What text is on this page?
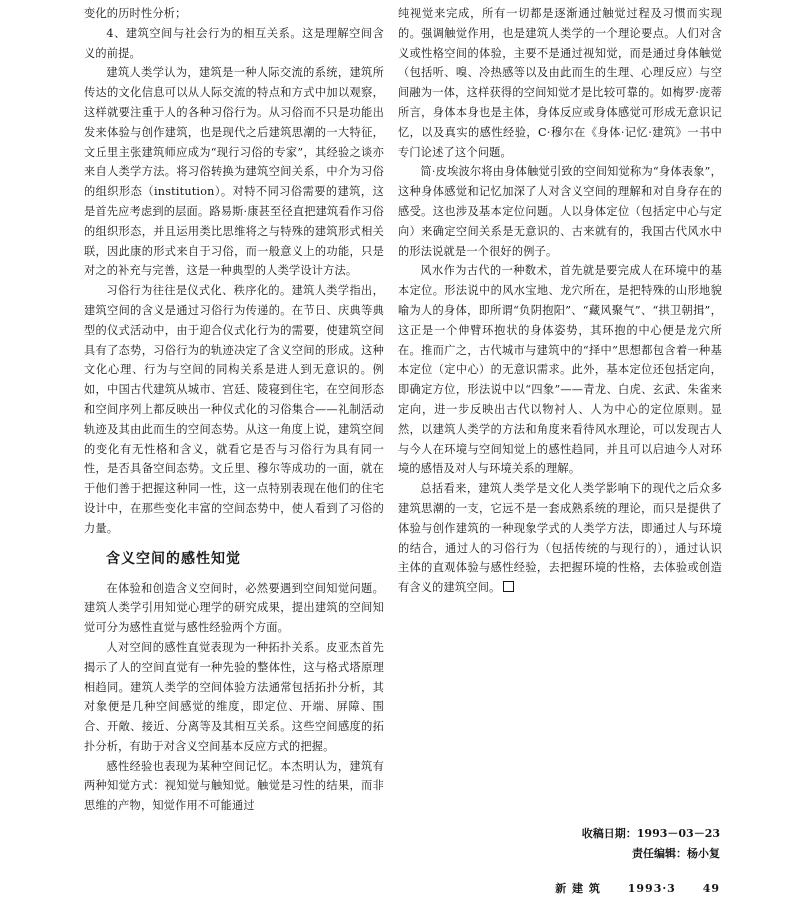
变化的历时性分析；

4、建筑空间与社会行为的相互关系。这是理解空间含义的前提。

建筑人类学认为，建筑是一种人际交流的系统，建筑所传达的文化信息可以从人际交流的特点和方式中加以观察，这样就要注重于人的各种习俗行为。从习俗而不只是功能出发来体验与创作建筑，也是现代之后建筑思潮的一大特征，文丘里主张建筑师应成为“现行习俗的专家”，其经验之谈亦来自人类学方法。将习俗转换为建筑空间关系，中介为习俗的组织形态（institution）。对特不同习俗需要的建筑，这是首先应考虑到的层面。路易斯·康甚至径直把建筑看作习俗的组织形态，并且运用类比思维将之与特殊的建筑形式相关联，因此康的形式来自于习俗，而一般意义上的功能，只是对之的补充与完善，这是一种典型的人类学设计方法。

习俗行为往往是仪式化、秩序化的。建筑人类学指出，建筑空间的含义是通过习俗行为传递的。在节日、庆典等典型的仪式活动中，由于迎合仪式化行为的需要，使建筑空间具有了态势，习俗行为的轨迹决定了含义空间的形成。这种文化心理、行为与空间的同构关系是进人到无意识的。例如，中国古代建筑从城市、宫廷、陵寝到住宅，在空间形态和空间序列上都反映出一种仪式化的习俗集合——礼制活动轨迹及其由此而生的空间态势。从这一角度上说，建筑空间的变化有无性格和含义，就看它是否与习俗行为具有同一性，是否具备空间态势。文丘里、穆尔等成功的一面，就在于他们善于把握这种同一性，这一点特别表现在他们的住宅设计中，在那些变化丰富的空间态势中，使人看到了习俗的力量。

含义空间的感性知觉

在体验和创造含义空间时，必然要遇到空间知觉问题。建筑人类学引用知觉心理学的研究成果，提出建筑的空间知觉可分为感性直觉与感性经验两个方面。

人对空间的感性直觉表现为一种拓扑关系。皮亚杰首先揭示了人的空间直觉有一种先验的整体性，这与格式塔原理相趋同。建筑人类学的空间体验方法通常包括拓扑分析，其对象便是几种空间感觉的维度，即定位、开端、屏障、围合、开敞、接近、分离等及其相互关系。这些空间感度的拓扑分析，有助于对含义空间基本反应方式的把握。

感性经验也表现为某种空间记忆。本杰明认为，建筑有两种知觉方式：视知觉与触知觉。触觉是习性的结果，而非思维的产物，知觉作用不可能通过

纯视觉来完成，所有一切都是逐渐通过触觉过程及习惯而实现的。强调触觉作用，也是建筑人类学的一个理论要点。人们对含义或性格空间的体验，主要不是通过视知觉，而是通过身体触觉（包括听、嗅、冷热感等以及由此而生的生理、心理反应）与空间融为一体，这样获得的空间知觉才是比较可靠的。如梅罗·庞蒂所言，身体本身也是主体，身体反应或身体感觉可形成无意识记忆，以及真实的感性经验，C·穆尔在《身体·记忆·建筑》一书中专门论述了这个问题。

简·皮埃波尔将由身体触觉引致的空间知觉称为“身体表象”，这种身体感觉和记忆加深了人对含义空间的理解和对自身存在的感受。这也涉及基本定位问题。人以身体定位（包括定中心与定向）来确定空间关系是无意识的、古来就有的，我国古代风水中的形法说就是一个很好的例子。

风水作为古代的一种数术，首先就是要完成人在环境中的基本定位。形法说中的风水宝地、龙穴所在，是把特殊的山形地貌喻为人的身体，即所谓“负阴抱阳”、“藏风聚气”、“拱卫朝揖”，这正是一个伸臂环抱状的身体姿势，其环抱的中心便是龙穴所在。推而广之，古代城市与建筑中的“择中”思想都包含着一种基本定位（定中心）的无意识需求。此外，基本定位还包括定向，即确定方位，形法说中以“四象”——青龙、白虎、玄武、朱雀来定向，进一步反映出古代以物衬人、人为中心的定位原则。显然，以建筑人类学的方法和角度来看待风水理论，可以发现古人与今人在环境与空间知觉上的感性趋同，并且可以启迪今人对环境的感悟及对人与环境关系的理解。

总括看来，建筑人类学是文化人类学影响下的现代之后众多建筑思潮的一支，它远不是一套成熟系统的理论，而只是提供了体验与创作建筑的一种现象学式的人类学方法，即通过人与环境的结合，通过人的习俗行为（包括传统的与现行的），通过认识主体的直观体验与感性经验，去把握环境的性格，去体验或创造有含义的建筑空间。

收稿日期：1993－03－23
责任编辑：杨小复
新 建 筑 1993·3 49
